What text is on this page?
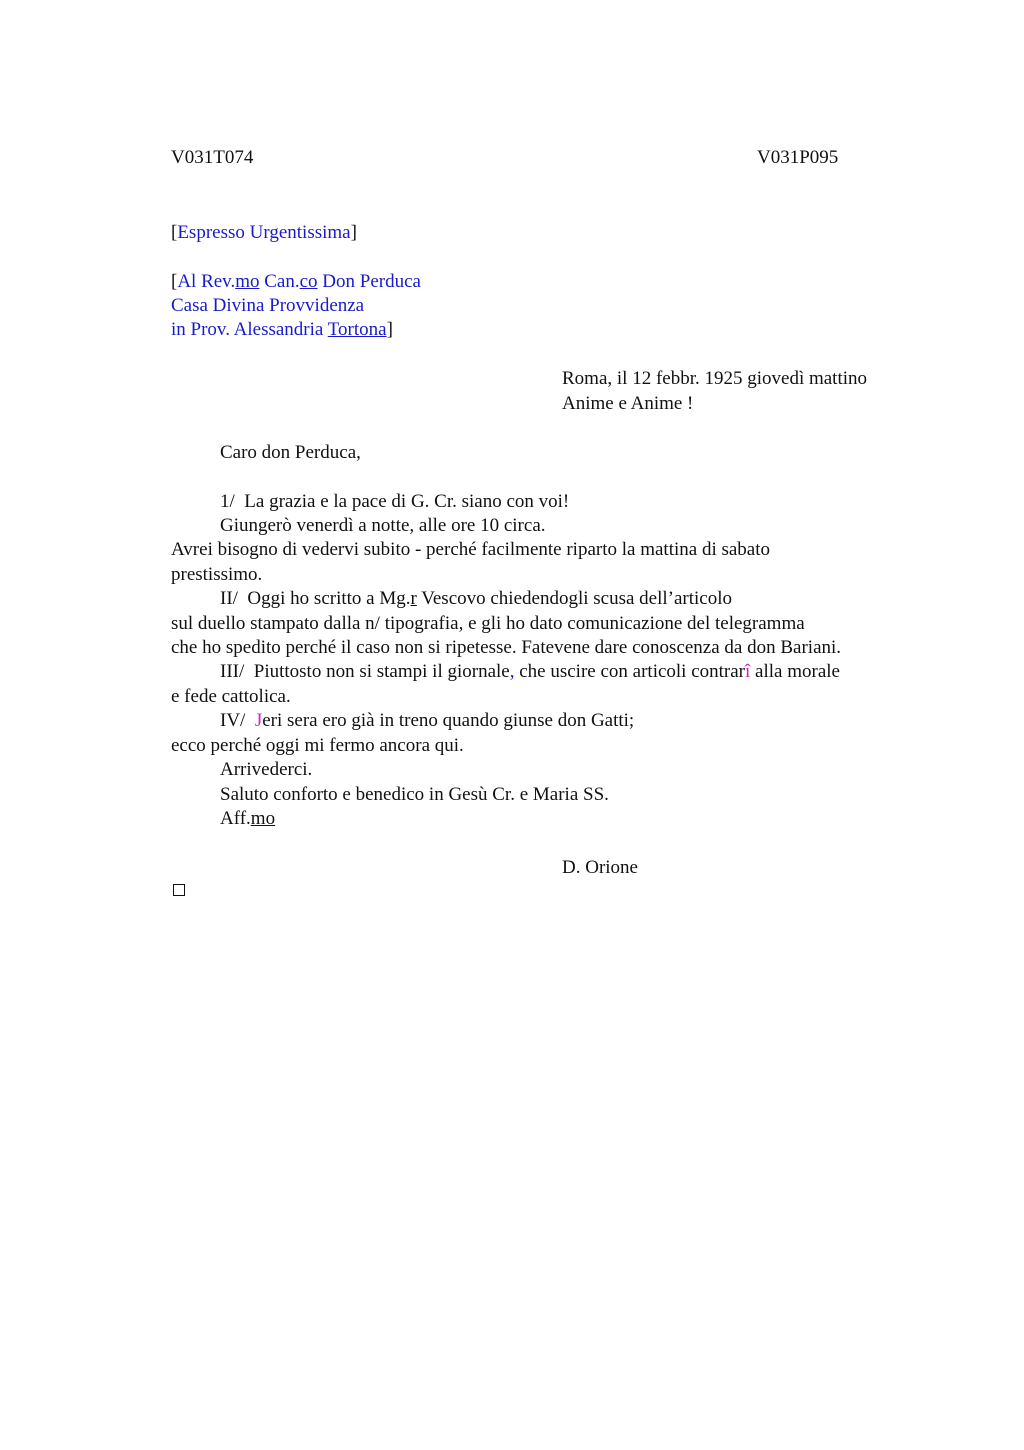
V031T074	V031P095
[Espresso Urgentissima]
[Al Rev.mo Can.co Don Perduca
Casa Divina Provvidenza
in Prov. Alessandria Tortona]
Roma, il 12 febbr. 1925 giovedì mattino
Anime e Anime !
Caro don Perduca,
1/  La grazia e la pace di G. Cr. siano con voi!
Giungerò venerdì a notte, alle ore 10 circa.
Avrei bisogno di vedervi subito - perché facilmente riparto la mattina di sabato
prestissimo.
II/  Oggi ho scritto a Mg.r Vescovo chiedendogli scusa dell’articolo
sul duello stampato dalla n/ tipografia, e gli ho dato comunicazione del telegramma
che ho spedito perché il caso non si ripetesse. Fatevene dare conoscenza da don Bariani.
III/  Piuttosto non si stampi il giornale, che uscire con articoli contrarî alla morale
e fede cattolica.
IV/  Jeri sera ero già in treno quando giunse don Gatti;
ecco perché oggi mi fermo ancora qui.
Arrivederci.
Saluto conforto e benedico in Gesù Cr. e Maria SS.
Aff.mo
D. Orione
